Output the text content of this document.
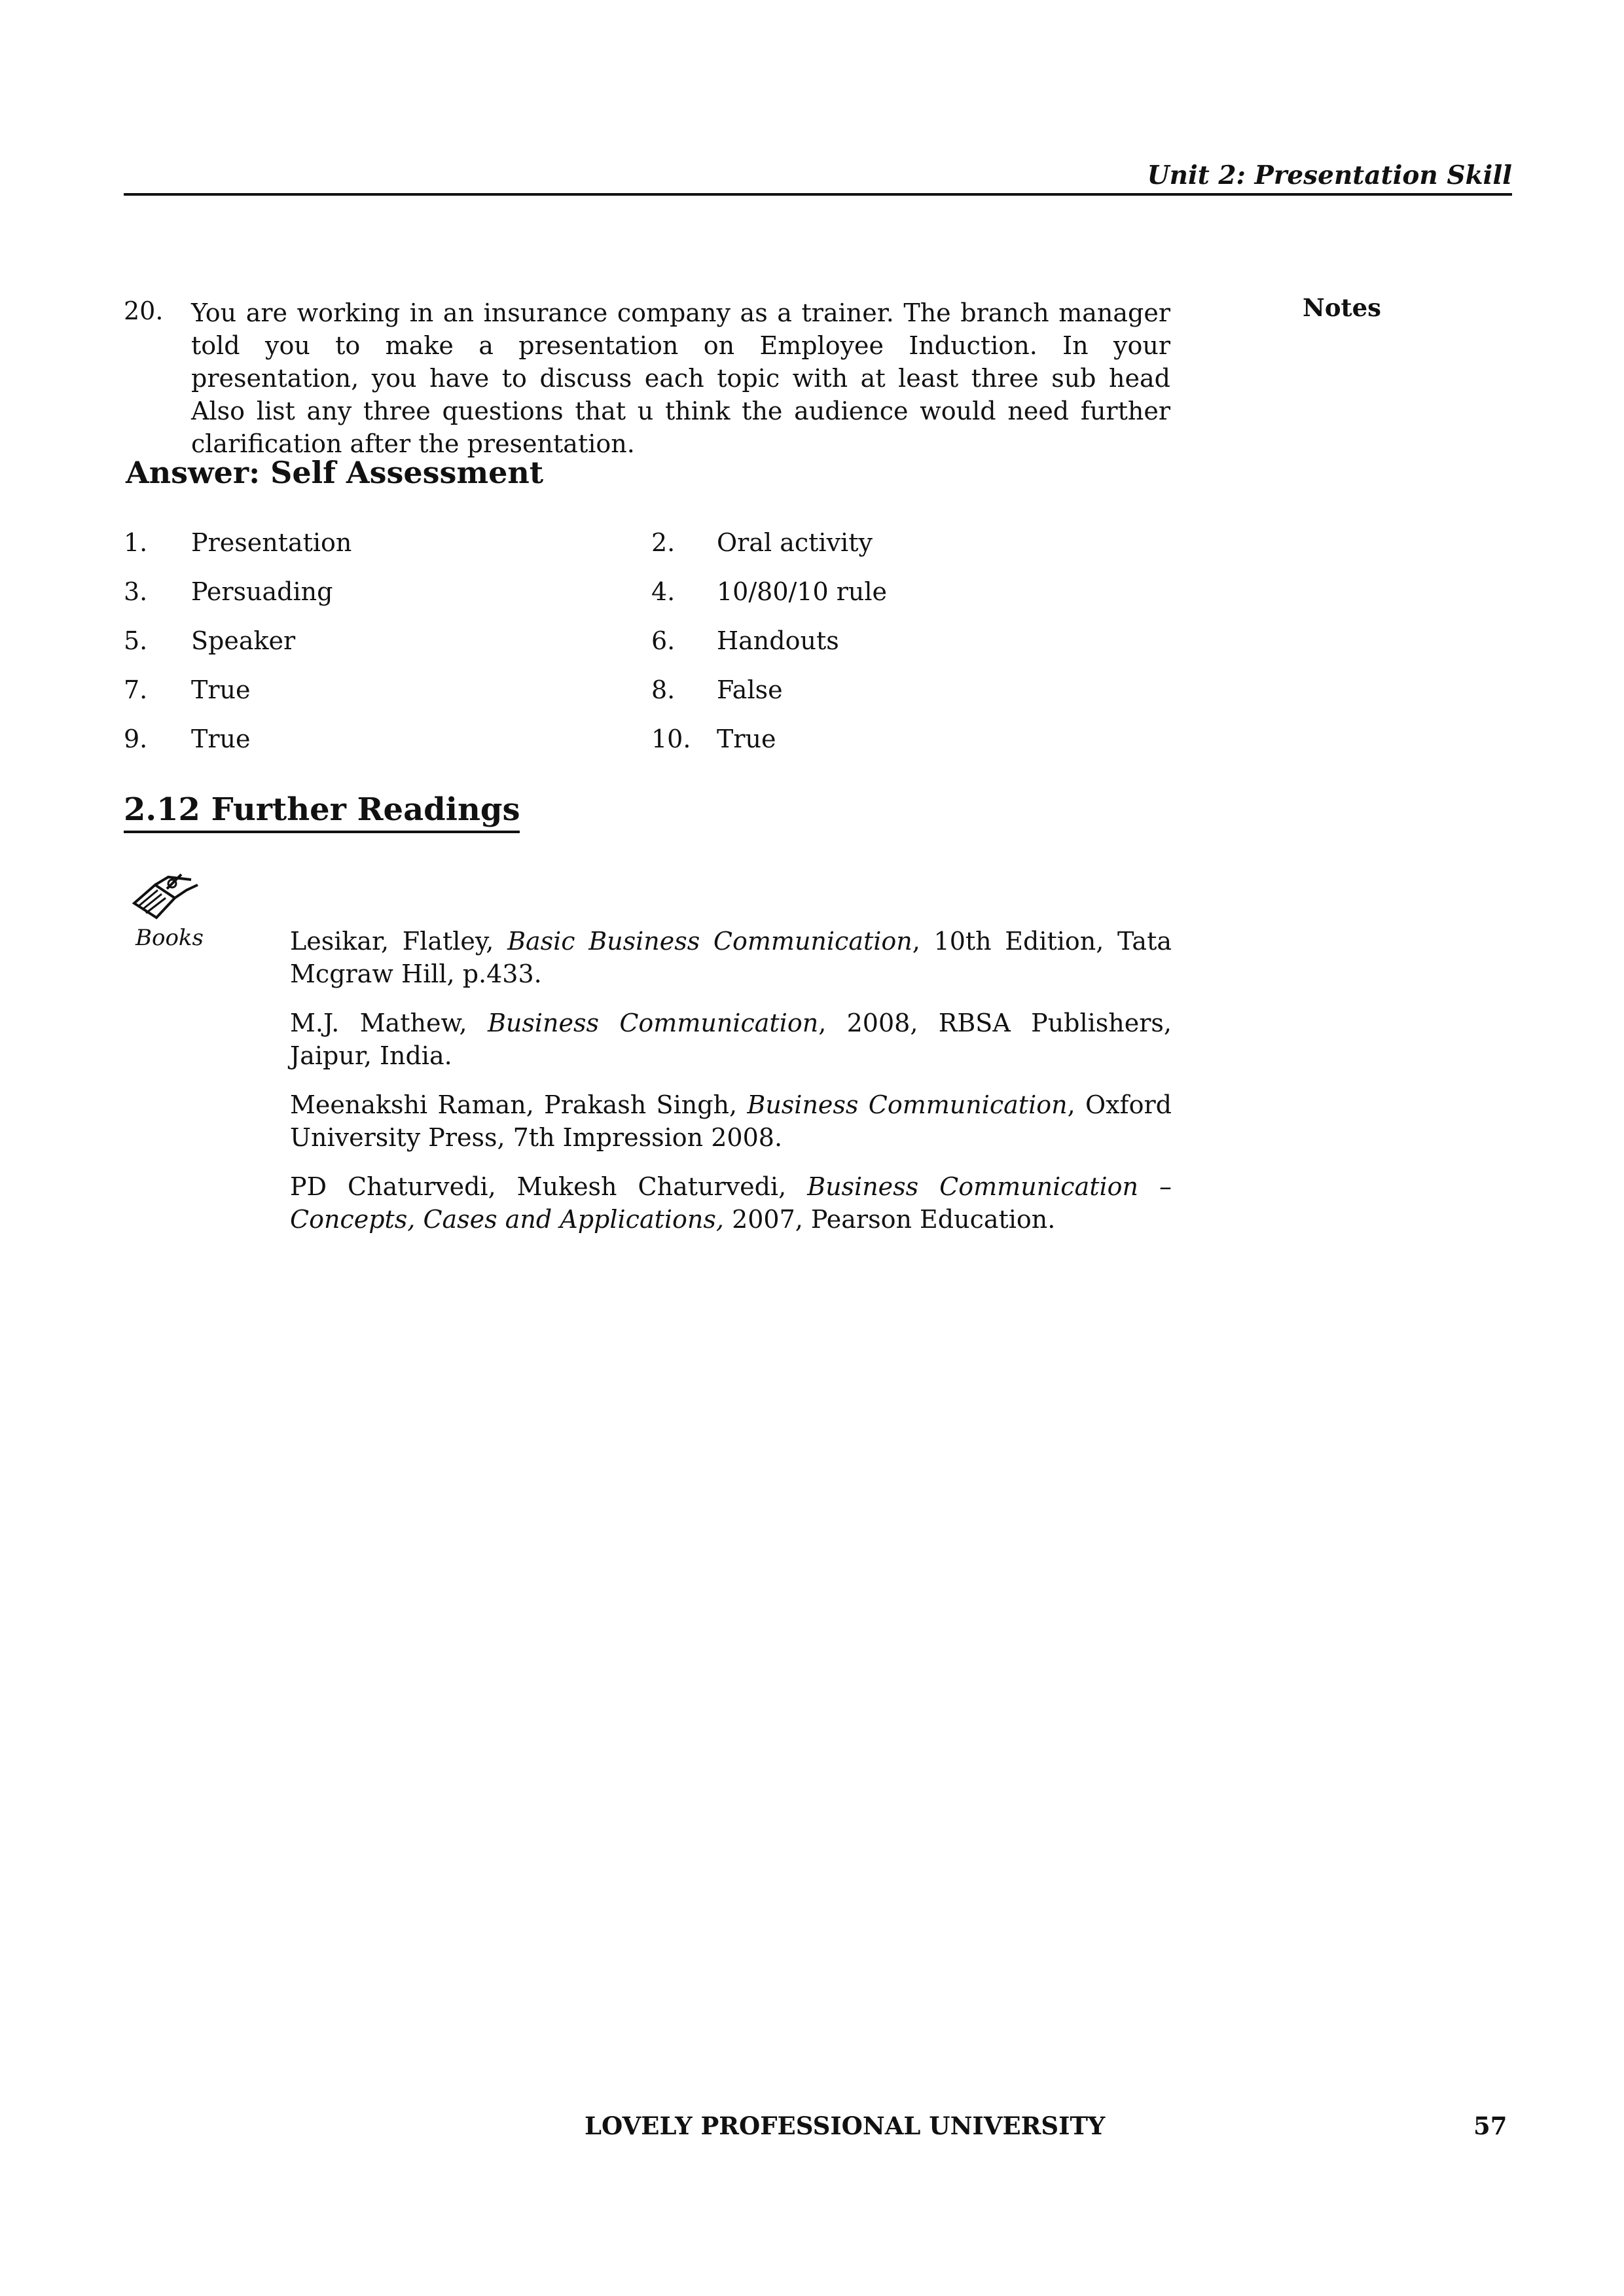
Unit 2: Presentation Skill
Notes
20. You are working in an insurance company as a trainer. The branch manager told you to make a presentation on Employee Induction. In your presentation, you have to discuss each topic with at least three sub head Also list any three questions that u think the audience would need further clarification after the presentation.
Answer: Self Assessment
1. Presentation	2. Oral activity
3. Persuading	4. 10/80/10 rule
5. Speaker	6. Handouts
7. True	8. False
9. True	10. True
2.12 Further Readings
Books	Lesikar, Flatley, Basic Business Communication, 10th Edition, Tata Mcgraw Hill, p.433.

M.J. Mathew, Business Communication, 2008, RBSA Publishers, Jaipur, India.

Meenakshi Raman, Prakash Singh, Business Communication, Oxford University Press, 7th Impression 2008.

PD Chaturvedi, Mukesh Chaturvedi, Business Communication – Concepts, Cases and Applications, 2007, Pearson Education.

LOVELY PROFESSIONAL UNIVERSITY	57
